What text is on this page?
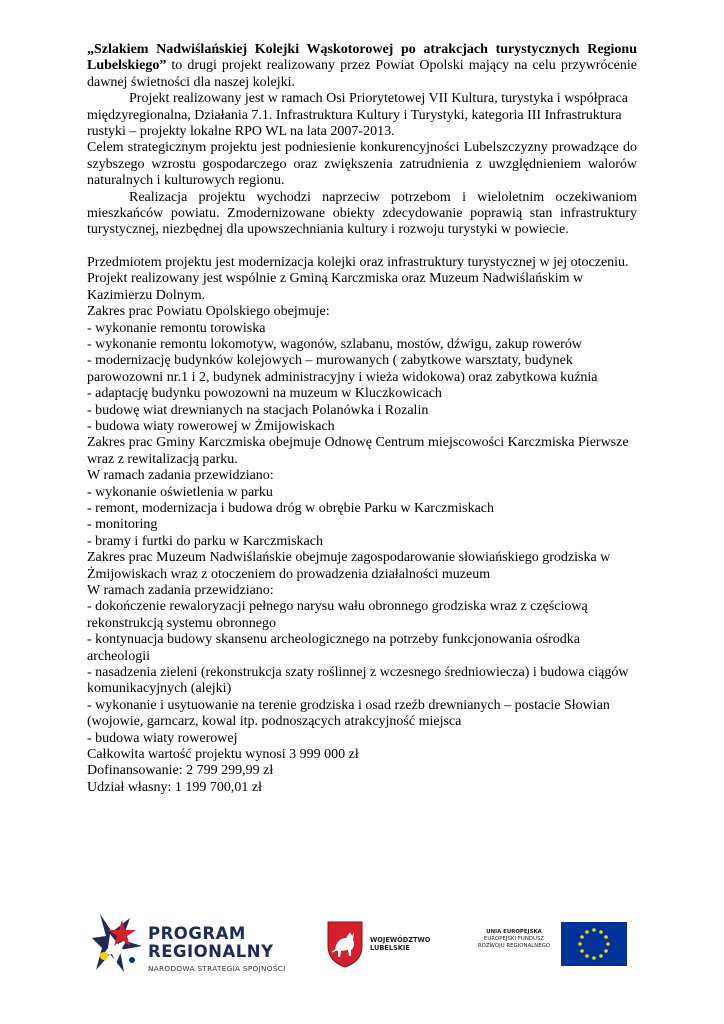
„Szlakiem Nadwiślańskiej Kolejki Wąskotorowej po atrakcjach turystycznych Regionu Lubelskiego” to drugi projekt realizowany przez Powiat Opolski mający na celu przywrócenie dawnej świetności dla naszej kolejki.

Projekt realizowany jest w ramach Osi Priorytetowej VII Kultura, turystyka i współpraca międzyregionalna, Działania 7.1. Infrastruktura Kultury i Turystyki, kategoria III Infrastruktura rustyki – projekty lokalne RPO WL na lata 2007-2013.

Celem strategicznym projektu jest podniesienie konkurencyjności Lubelszczyzny prowadzące do szybszego wzrostu gospodarczego oraz zwiększenia zatrudnienia z uwzględnieniem walorów naturalnych i kulturowych regionu.

Realizacja projektu wychodzi naprzeciw potrzebom i wieloletnim oczekiwaniom mieszkańców powiatu. Zmodernizowane obiekty zdecydowanie poprawią stan infrastruktury turystycznej, niezbędnej dla upowszechniania kultury i rozwoju turystyki w powiecie.

Przedmiotem projektu jest modernizacja kolejki oraz infrastruktury turystycznej w jej otoczeniu.

Projekt realizowany jest wspólnie z Gminą Karczmiska oraz Muzeum Nadwiślańskim w Kazimierzu Dolnym.

Zakres prac Powiatu Opolskiego obejmuje:

- wykonanie remontu torowiska

- wykonanie remontu lokomotyw, wagonów, szlabanu, mostów, dźwigu, zakup rowerów

- modernizację budynków kolejowych – murowanych ( zabytkowe warsztaty, budynek parowozowni nr.1 i 2, budynek administracyjny i wieża widokowa) oraz zabytkowa kuźnia

- adaptację budynku powozowni na muzeum w Kluczkowicach

- budowę wiat drewnianych na stacjach Polanówka i Rozalin

- budowa wiaty rowerowej w Żmijowiskach

Zakres prac Gminy Karczmiska obejmuje Odnowę Centrum miejscowości Karczmiska Pierwsze wraz z rewitalizacją parku.

W ramach zadania przewidziano:

- wykonanie oświetlenia w parku

- remont, modernizacja i budowa dróg w obrębie Parku w Karczmiskach

- monitoring

- bramy i furtki do parku w Karczmiskach

Zakres prac Muzeum Nadwiślańskie obejmuje zagospodarowanie słowiańskiego grodziska w Żmijowiskach wraz z otoczeniem do prowadzenia działalności muzeum

W ramach zadania przewidziano:

- dokończenie rewaloryzacji pełnego narysu wału obronnego grodziska wraz z częściową rekonstrukcją systemu obronnego

- kontynuacja budowy skansenu archeologicznego na potrzeby funkcjonowania ośrodka archeologii

- nasadzenia zieleni (rekonstrukcja szaty roślinnej z wczesnego średniowiecza) i budowa ciągów komunikacyjnych (alejki)

- wykonanie i usytuowanie na terenie grodziska i osad rzeźb drewnianych – postacie Słowian (wojowie, garncarz, kowal itp. podnoszących atrakcyjność miejsca

- budowa wiaty rowerowej

Całkowita wartość projektu wynosi 3 999 000 zł

Dofinansowanie: 2 799 299,99 zł

Udział własny: 1 199 700,01 zł

PROGRAM
REGIONALNY
NARODOWA STRATEGIA SPÓJNOŚCI
WOJEWÓDZTWO
LUBELSKIE
UNIA EUROPEJSKA
EUROPEJSKI FUNDUSZ
ROZWOJU REGIONALNEGO
